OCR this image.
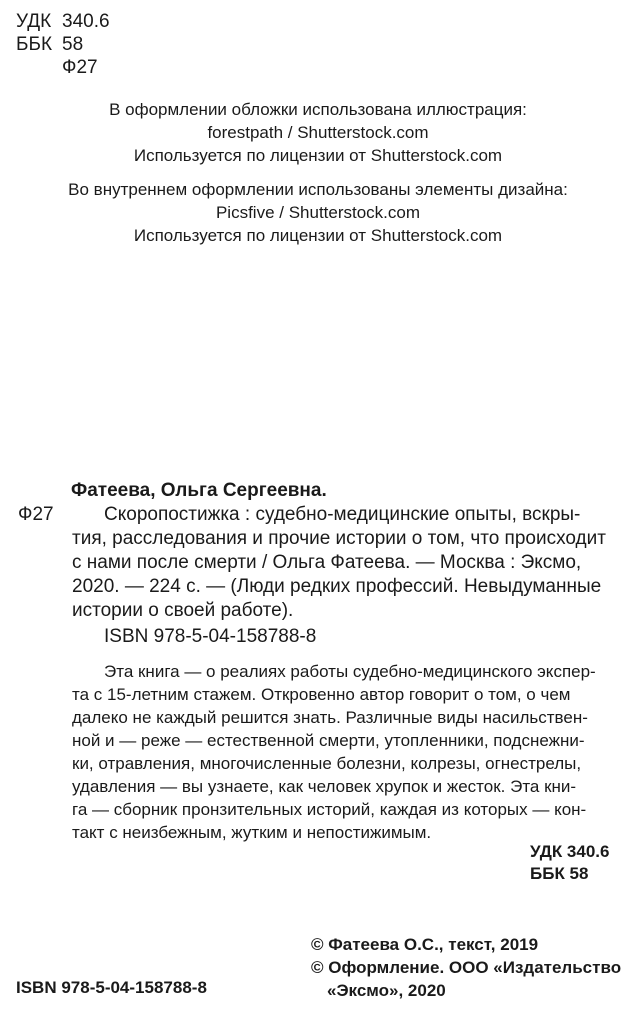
УДК 340.6
ББК 58
Ф27
В оформлении обложки использована иллюстрация:
forestpath / Shutterstock.com
Используется по лицензии от Shutterstock.com
Во внутреннем оформлении использованы элементы дизайна:
Picsfive / Shutterstock.com
Используется по лицензии от Shutterstock.com
Фатеева, Ольга Сергеевна.
Ф27	Скоропостижка : судебно-медицинские опыты, вскры-
тия, расследования и прочие истории о том, что происходит
с нами после смерти / Ольга Фатеева. — Москва : Эксмо,
2020. — 224 с. — (Люди редких профессий. Невыдуманные
истории о своей работе).
ISBN 978-5-04-158788-8
Эта книга — о реалиях работы судебно-медицинского экспер-
та с 15-летним стажем. Откровенно автор говорит о том, о чем
далеко не каждый решится знать. Различные виды насильствен-
ной и — реже — естественной смерти, утопленники, подснежни-
ки, отравления, многочисленные болезни, колрезы, огнестрелы,
удавления — вы узнаете, как человек хрупок и жесток. Эта кни-
га — сборник пронзительных историй, каждая из которых — кон-
такт с неизбежным, жутким и непостижимым.
УДК 340.6
ББК 58
© Фатеева О.С., текст, 2019
© Оформление. ООО «Издательство
«Эксмо», 2020
ISBN 978-5-04-158788-8
